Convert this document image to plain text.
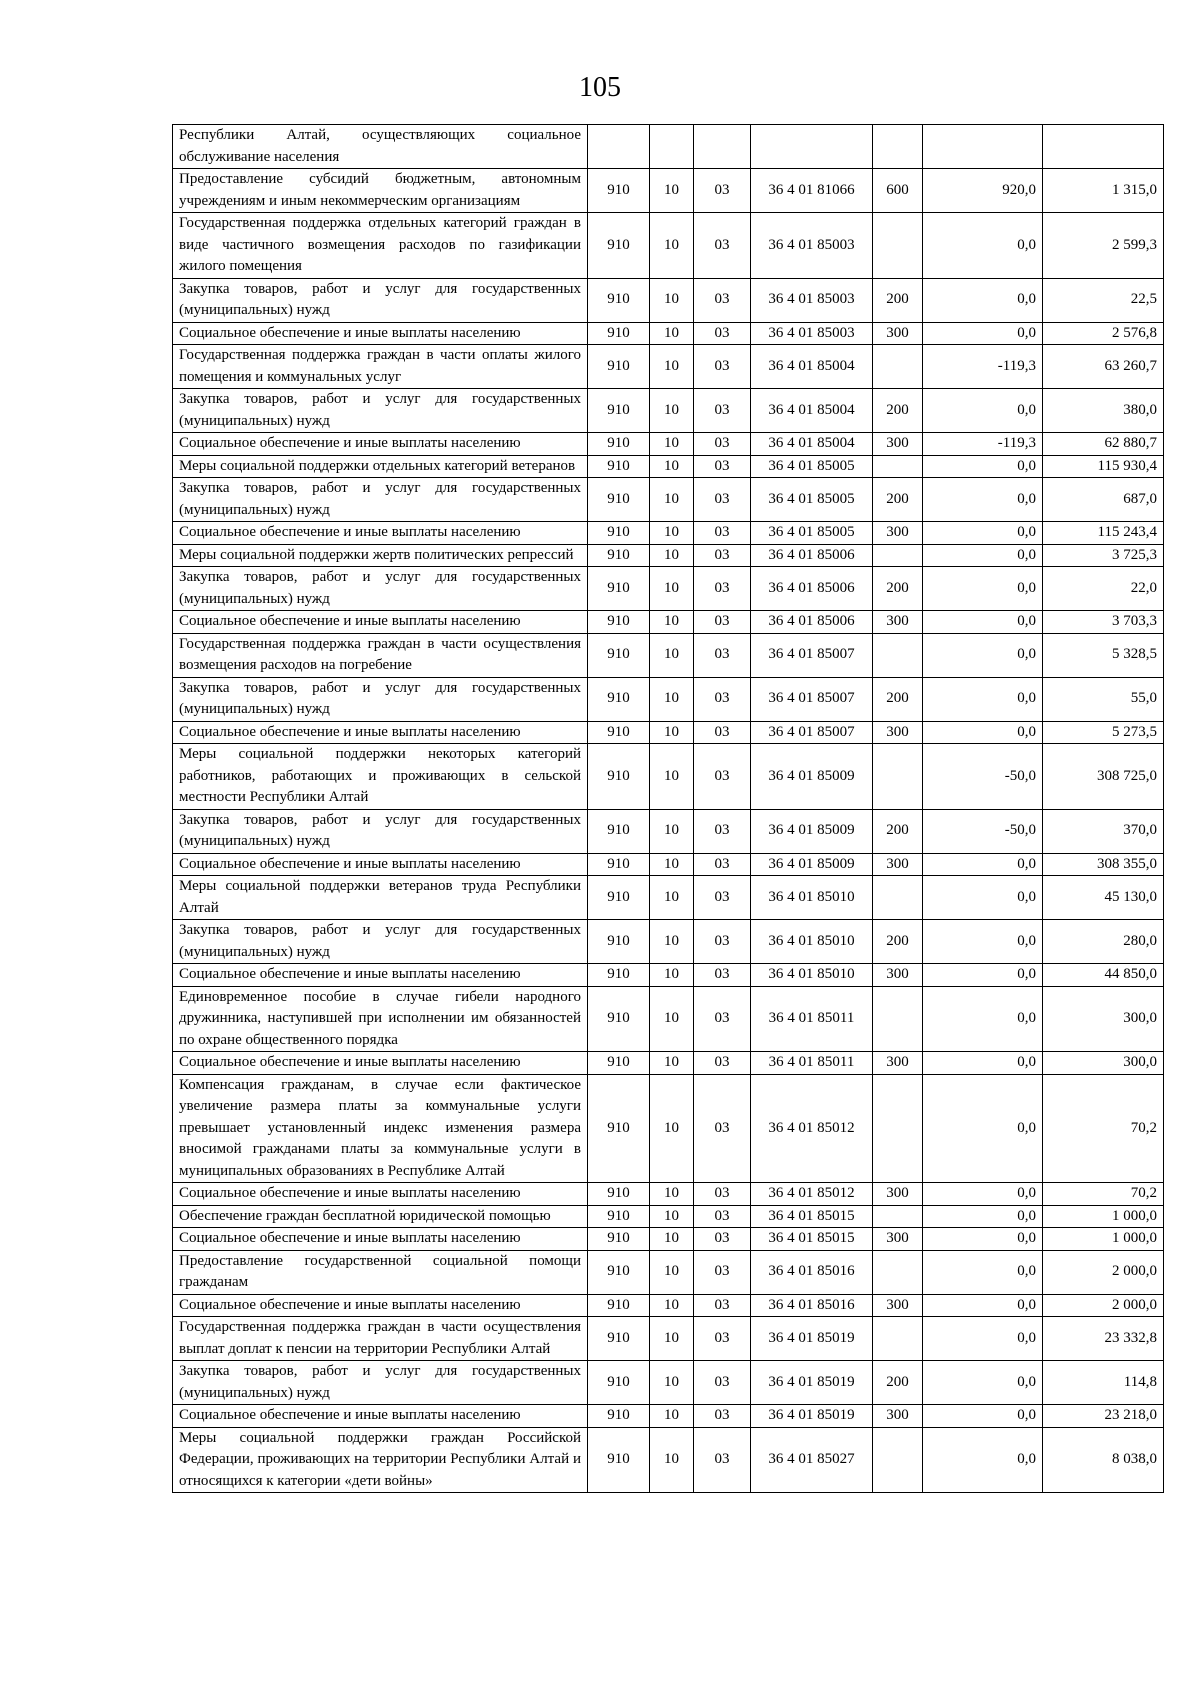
105
Республики Алтай, осуществляющих социальное обслуживание населения							
Предоставление субсидий бюджетным, автономным учреждениям и иным некоммерческим организациям	910	10	03	36 4 01 81066	600	920,0	1 315,0
Государственная поддержка отдельных категорий граждан в виде частичного возмещения расходов по газификации жилого помещения	910	10	03	36 4 01 85003		0,0	2 599,3
Закупка товаров, работ и услуг для государственных (муниципальных) нужд	910	10	03	36 4 01 85003	200	0,0	22,5
Социальное обеспечение и иные выплаты населению	910	10	03	36 4 01 85003	300	0,0	2 576,8
Государственная поддержка граждан в части оплаты жилого помещения и коммунальных услуг	910	10	03	36 4 01 85004		-119,3	63 260,7
Закупка товаров, работ и услуг для государственных (муниципальных) нужд	910	10	03	36 4 01 85004	200	0,0	380,0
Социальное обеспечение и иные выплаты населению	910	10	03	36 4 01 85004	300	-119,3	62 880,7
Меры социальной поддержки отдельных категорий ветеранов	910	10	03	36 4 01 85005		0,0	115 930,4
Закупка товаров, работ и услуг для государственных (муниципальных) нужд	910	10	03	36 4 01 85005	200	0,0	687,0
Социальное обеспечение и иные выплаты населению	910	10	03	36 4 01 85005	300	0,0	115 243,4
Меры социальной поддержки жертв политических репрессий	910	10	03	36 4 01 85006		0,0	3 725,3
Закупка товаров, работ и услуг для государственных (муниципальных) нужд	910	10	03	36 4 01 85006	200	0,0	22,0
Социальное обеспечение и иные выплаты населению	910	10	03	36 4 01 85006	300	0,0	3 703,3
Государственная поддержка граждан в части осуществления возмещения расходов на погребение	910	10	03	36 4 01 85007		0,0	5 328,5
Закупка товаров, работ и услуг для государственных (муниципальных) нужд	910	10	03	36 4 01 85007	200	0,0	55,0
Социальное обеспечение и иные выплаты населению	910	10	03	36 4 01 85007	300	0,0	5 273,5
Меры социальной поддержки некоторых категорий работников, работающих и проживающих в сельской местности Республики Алтай	910	10	03	36 4 01 85009		-50,0	308 725,0
Закупка товаров, работ и услуг для государственных (муниципальных) нужд	910	10	03	36 4 01 85009	200	-50,0	370,0
Социальное обеспечение и иные выплаты населению	910	10	03	36 4 01 85009	300	0,0	308 355,0
Меры социальной поддержки ветеранов труда Республики Алтай	910	10	03	36 4 01 85010		0,0	45 130,0
Закупка товаров, работ и услуг для государственных (муниципальных) нужд	910	10	03	36 4 01 85010	200	0,0	280,0
Социальное обеспечение и иные выплаты населению	910	10	03	36 4 01 85010	300	0,0	44 850,0
Единовременное пособие в случае гибели народного дружинника, наступившей при исполнении им обязанностей по охране общественного порядка	910	10	03	36 4 01 85011		0,0	300,0
Социальное обеспечение и иные выплаты населению	910	10	03	36 4 01 85011	300	0,0	300,0
Компенсация гражданам, в случае если фактическое увеличение размера платы за коммунальные услуги превышает установленный индекс изменения размера вносимой гражданами платы за коммунальные услуги в муниципальных образованиях в Республике Алтай	910	10	03	36 4 01 85012		0,0	70,2
Социальное обеспечение и иные выплаты населению	910	10	03	36 4 01 85012	300	0,0	70,2
Обеспечение граждан бесплатной юридической помощью	910	10	03	36 4 01 85015		0,0	1 000,0
Социальное обеспечение и иные выплаты населению	910	10	03	36 4 01 85015	300	0,0	1 000,0
Предоставление государственной социальной помощи гражданам	910	10	03	36 4 01 85016		0,0	2 000,0
Социальное обеспечение и иные выплаты населению	910	10	03	36 4 01 85016	300	0,0	2 000,0
Государственная поддержка граждан в части осуществления выплат доплат к пенсии на территории Республики Алтай	910	10	03	36 4 01 85019		0,0	23 332,8
Закупка товаров, работ и услуг для государственных (муниципальных) нужд	910	10	03	36 4 01 85019	200	0,0	114,8
Социальное обеспечение и иные выплаты населению	910	10	03	36 4 01 85019	300	0,0	23 218,0
Меры социальной поддержки граждан Российской Федерации, проживающих на территории Республики Алтай и относящихся к категории «дети войны»	910	10	03	36 4 01 85027		0,0	8 038,0
